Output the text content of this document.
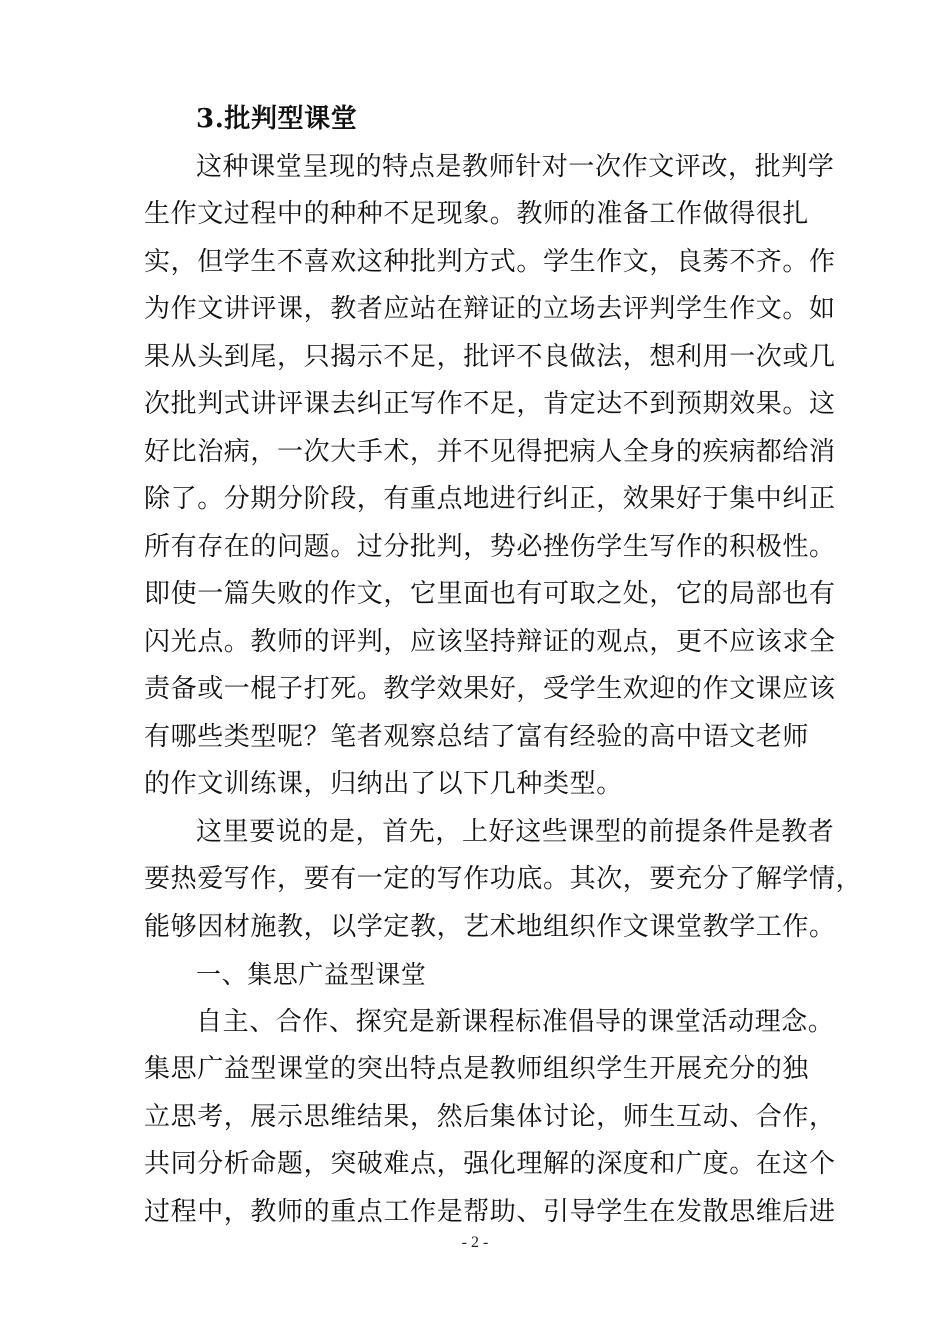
3.批判型课堂
这种课堂呈现的特点是教师针对一次作文评改，批判学
生作文过程中的种种不足现象。教师的准备工作做得很扎
实，但学生不喜欢这种批判方式。学生作文，良莠不齐。作
为作文讲评课，教者应站在辩证的立场去评判学生作文。如
果从头到尾，只揭示不足，批评不良做法，想利用一次或几
次批判式讲评课去纠正写作不足，肯定达不到预期效果。这
好比治病，一次大手术，并不见得把病人全身的疾病都给消
除了。分期分阶段，有重点地进行纠正，效果好于集中纠正
所有存在的问题。过分批判，势必挫伤学生写作的积极性。
即使一篇失败的作文，它里面也有可取之处，它的局部也有
闪光点。教师的评判，应该坚持辩证的观点，更不应该求全
责备或一棍子打死。教学效果好，受学生欢迎的作文课应该
有哪些类型呢？笔者观察总结了富有经验的高中语文老师
的作文训练课，归纳出了以下几种类型。
这里要说的是，首先，上好这些课型的前提条件是教者
要热爱写作，要有一定的写作功底。其次，要充分了解学情，
能够因材施教，以学定教，艺术地组织作文课堂教学工作。
一、集思广益型课堂
自主、合作、探究是新课程标准倡导的课堂活动理念。
集思广益型课堂的突出特点是教师组织学生开展充分的独
立思考，展示思维结果，然后集体讨论，师生互动、合作，
共同分析命题，突破难点，强化理解的深度和广度。在这个
过程中，教师的重点工作是帮助、引导学生在发散思维后进
- 2 -
